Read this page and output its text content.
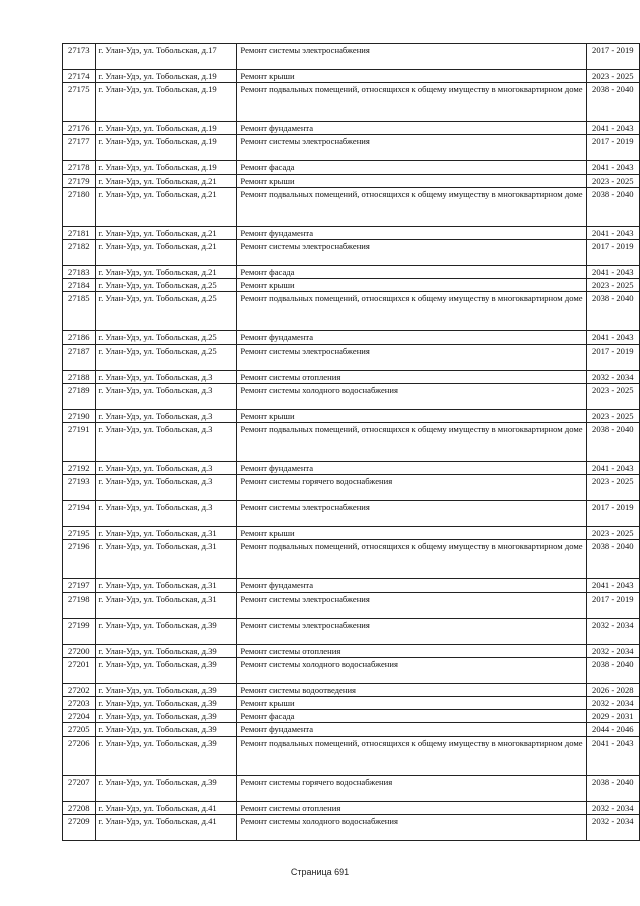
27173	г. Улан-Удэ, ул. Тобольская, д.17	Ремонт системы электроснабжения	2017 - 2019
27174	г. Улан-Удэ, ул. Тобольская, д.19	Ремонт крыши	2023 - 2025
27175	г. Улан-Удэ, ул. Тобольская, д.19	Ремонт подвальных помещений, относящихся к общему имуществу в многоквартирном доме	2038 - 2040
27176	г. Улан-Удэ, ул. Тобольская, д.19	Ремонт фундамента	2041 - 2043
27177	г. Улан-Удэ, ул. Тобольская, д.19	Ремонт системы электроснабжения	2017 - 2019
27178	г. Улан-Удэ, ул. Тобольская, д.19	Ремонт фасада	2041 - 2043
27179	г. Улан-Удэ, ул. Тобольская, д.21	Ремонт крыши	2023 - 2025
27180	г. Улан-Удэ, ул. Тобольская, д.21	Ремонт подвальных помещений, относящихся к общему имуществу в многоквартирном доме	2038 - 2040
27181	г. Улан-Удэ, ул. Тобольская, д.21	Ремонт фундамента	2041 - 2043
27182	г. Улан-Удэ, ул. Тобольская, д.21	Ремонт системы электроснабжения	2017 - 2019
27183	г. Улан-Удэ, ул. Тобольская, д.21	Ремонт фасада	2041 - 2043
27184	г. Улан-Удэ, ул. Тобольская, д.25	Ремонт крыши	2023 - 2025
27185	г. Улан-Удэ, ул. Тобольская, д.25	Ремонт подвальных помещений, относящихся к общему имуществу в многоквартирном доме	2038 - 2040
27186	г. Улан-Удэ, ул. Тобольская, д.25	Ремонт фундамента	2041 - 2043
27187	г. Улан-Удэ, ул. Тобольская, д.25	Ремонт системы электроснабжения	2017 - 2019
27188	г. Улан-Удэ, ул. Тобольская, д.3	Ремонт системы отопления	2032 - 2034
27189	г. Улан-Удэ, ул. Тобольская, д.3	Ремонт системы холодного водоснабжения	2023 - 2025
27190	г. Улан-Удэ, ул. Тобольская, д.3	Ремонт крыши	2023 - 2025
27191	г. Улан-Удэ, ул. Тобольская, д.3	Ремонт подвальных помещений, относящихся к общему имуществу в многоквартирном доме	2038 - 2040
27192	г. Улан-Удэ, ул. Тобольская, д.3	Ремонт фундамента	2041 - 2043
27193	г. Улан-Удэ, ул. Тобольская, д.3	Ремонт системы горячего водоснабжения	2023 - 2025
27194	г. Улан-Удэ, ул. Тобольская, д.3	Ремонт системы электроснабжения	2017 - 2019
27195	г. Улан-Удэ, ул. Тобольская, д.31	Ремонт крыши	2023 - 2025
27196	г. Улан-Удэ, ул. Тобольская, д.31	Ремонт подвальных помещений, относящихся к общему имуществу в многоквартирном доме	2038 - 2040
27197	г. Улан-Удэ, ул. Тобольская, д.31	Ремонт фундамента	2041 - 2043
27198	г. Улан-Удэ, ул. Тобольская, д.31	Ремонт системы электроснабжения	2017 - 2019
27199	г. Улан-Удэ, ул. Тобольская, д.39	Ремонт системы электроснабжения	2032 - 2034
27200	г. Улан-Удэ, ул. Тобольская, д.39	Ремонт системы отопления	2032 - 2034
27201	г. Улан-Удэ, ул. Тобольская, д.39	Ремонт системы холодного водоснабжения	2038 - 2040
27202	г. Улан-Удэ, ул. Тобольская, д.39	Ремонт системы водоотведения	2026 - 2028
27203	г. Улан-Удэ, ул. Тобольская, д.39	Ремонт крыши	2032 - 2034
27204	г. Улан-Удэ, ул. Тобольская, д.39	Ремонт фасада	2029 - 2031
27205	г. Улан-Удэ, ул. Тобольская, д.39	Ремонт фундамента	2044 - 2046
27206	г. Улан-Удэ, ул. Тобольская, д.39	Ремонт подвальных помещений, относящихся к общему имуществу в многоквартирном доме	2041 - 2043
27207	г. Улан-Удэ, ул. Тобольская, д.39	Ремонт системы горячего водоснабжения	2038 - 2040
27208	г. Улан-Удэ, ул. Тобольская, д.41	Ремонт системы отопления	2032 - 2034
27209	г. Улан-Удэ, ул. Тобольская, д.41	Ремонт системы холодного водоснабжения	2032 - 2034
Страница 691
